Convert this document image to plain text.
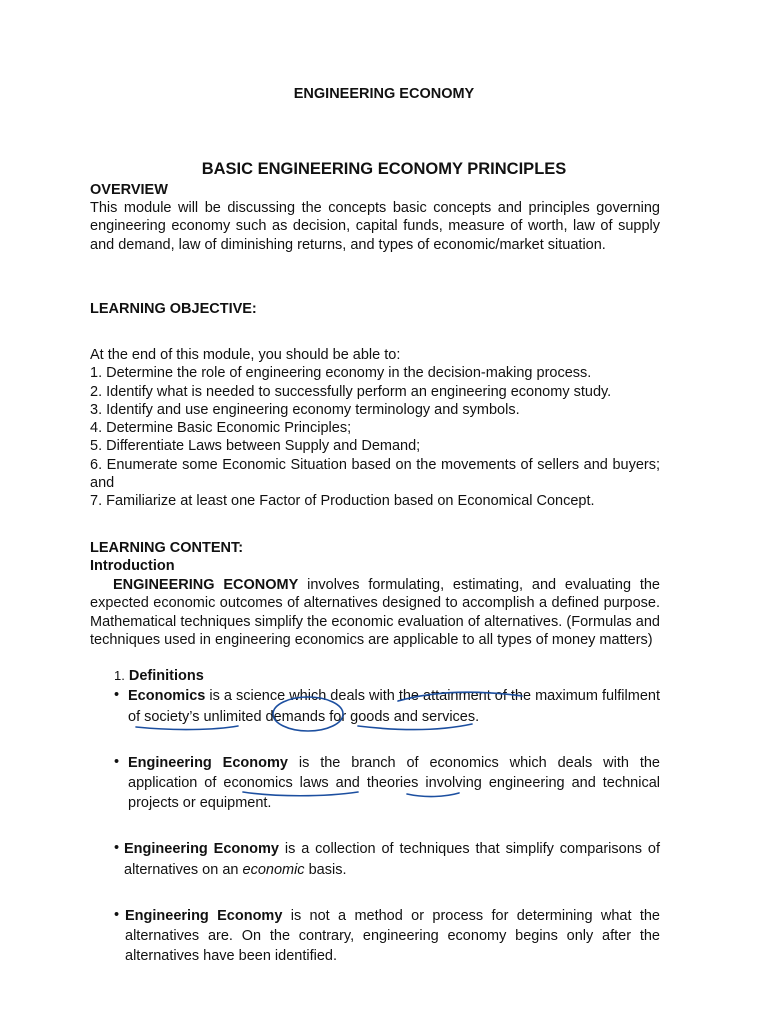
ENGINEERING ECONOMY
BASIC ENGINEERING ECONOMY PRINCIPLES
OVERVIEW
This module will be discussing the concepts basic concepts and principles governing engineering economy such as decision, capital funds, measure of worth, law of supply and demand, law of diminishing returns, and types of economic/market situation.
LEARNING OBJECTIVE:
At the end of this module, you should be able to:
1. Determine the role of engineering economy in the decision-making process.
2. Identify what is needed to successfully perform an engineering economy study.
3. Identify and use engineering economy terminology and symbols.
4. Determine Basic Economic Principles;
5. Differentiate Laws between Supply and Demand;
6. Enumerate some Economic Situation based on the movements of sellers and buyers; and
7. Familiarize at least one Factor of Production based on Economical Concept.
LEARNING CONTENT:
Introduction
ENGINEERING ECONOMY involves formulating, estimating, and evaluating the expected economic outcomes of alternatives designed to accomplish a defined purpose. Mathematical techniques simplify the economic evaluation of alternatives. (Formulas and techniques used in engineering economics are applicable to all types of money matters)
1. Definitions
• Economics is a science which deals with the attainment of the maximum fulfilment of society’s unlimited demands for goods and services.
• Engineering Economy is the branch of economics which deals with the application of economics laws and theories involving engineering and technical projects or equipment.
• Engineering Economy is a collection of techniques that simplify comparisons of alternatives on an economic basis.
• Engineering Economy is not a method or process for determining what the alternatives are. On the contrary, engineering economy begins only after the alternatives have been identified.
